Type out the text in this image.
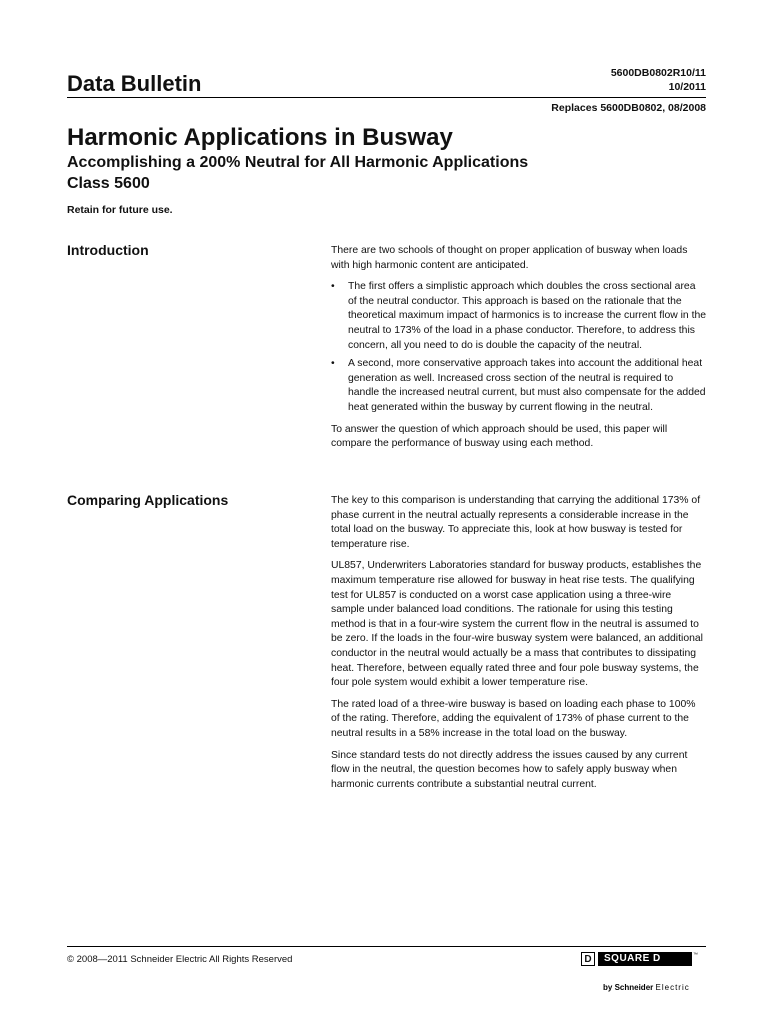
Data Bulletin	5600DB0802R10/11
10/2011
Replaces 5600DB0802, 08/2008
Harmonic Applications in Busway
Accomplishing a 200% Neutral for All Harmonic Applications
Class 5600
Retain for future use.
Introduction	There are two schools of thought on proper application of busway when loads with high harmonic content are anticipated.

• The first offers a simplistic approach which doubles the cross sectional area of the neutral conductor. This approach is based on the rationale that the theoretical maximum impact of harmonics is to increase the current flow in the neutral to 173% of the load in a phase conductor. Therefore, to address this concern, all you need to do is double the capacity of the neutral.
• A second, more conservative approach takes into account the additional heat generation as well. Increased cross section of the neutral is required to handle the increased neutral current, but must also compensate for the added heat generated within the busway by current flowing in the neutral.

To answer the question of which approach should be used, this paper will compare the performance of busway using each method.

Comparing Applications	The key to this comparison is understanding that carrying the additional 173% of phase current in the neutral actually represents a considerable increase in the total load on the busway. To appreciate this, look at how busway is tested for temperature rise.

UL857, Underwriters Laboratories standard for busway products, establishes the maximum temperature rise allowed for busway in heat rise tests. The qualifying test for UL857 is conducted on a worst case application using a three-wire sample under balanced load conditions. The rationale for using this testing method is that in a four-wire system the current flow in the neutral is assumed to be zero. If the loads in the four-wire busway system were balanced, an additional conductor in the neutral would actually be a mass that contributes to dissipating heat. Therefore, between equally rated three and four pole busway systems, the four pole system would exhibit a lower temperature rise.

The rated load of a three-wire busway is based on loading each phase to 100% of the rating. Therefore, adding the equivalent of 173% of phase current to the neutral results in a 58% increase in the total load on the busway.

Since standard tests do not directly address the issues caused by any current flow in the neutral, the question becomes how to safely apply busway when harmonic currents contribute a substantial neutral current.

© 2008—2011 Schneider Electric All Rights Reserved	D	SQUARE D	™
by Schneider Electric
